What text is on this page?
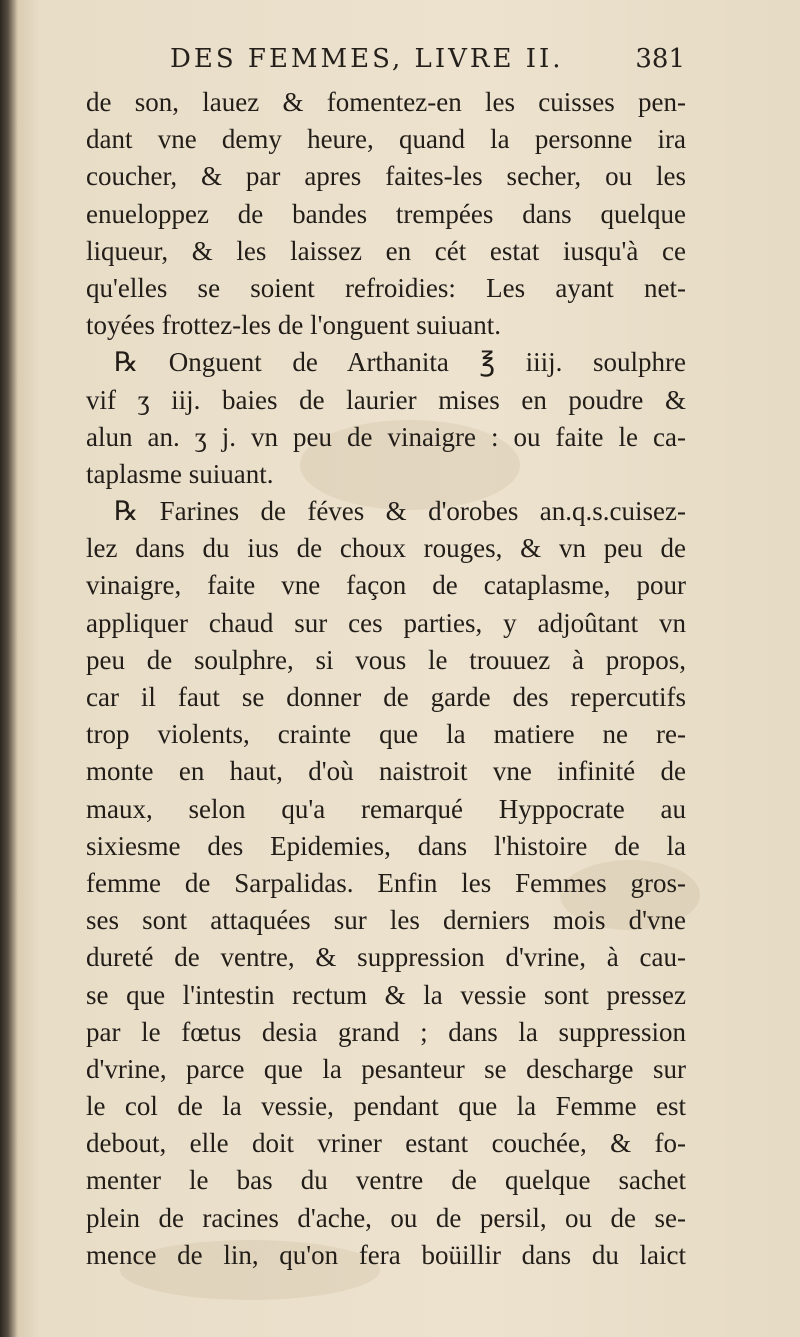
DES FEMMES, LIVRE II.	381
de son, lauez & fomentez-en les cuisses pen-
dant vne demy heure, quand la personne ira
coucher, & par apres faites-les secher, ou les
enueloppez de bandes trempées dans quelque
liqueur, & les laissez en cét estat iusqu'à ce
qu'elles se soient refroidies: Les ayant net-
toyées frottez-les de l'onguent suiuant.
℞ Onguent de Arthanita ℥ iiij. soulphre
vif ʒ iij. baies de laurier mises en poudre &
alun an. ʒ j. vn peu de vinaigre : ou faite le ca-
taplasme suiuant.
℞ Farines de féves & d'orobes an.q.s.cuisez-
lez dans du ius de choux rouges, & vn peu de
vinaigre, faite vne façon de cataplasme, pour
appliquer chaud sur ces parties, y adjoûtant vn
peu de soulphre, si vous le trouuez à propos,
car il faut se donner de garde des repercutifs
trop violents, crainte que la matiere ne re-
monte en haut, d'où naistroit vne infinité de
maux, selon qu'a remarqué Hyppocrate au
sixiesme des Epidemies, dans l'histoire de la
femme de Sarpalidas. Enfin les Femmes gros-
ses sont attaquées sur les derniers mois d'vne
dureté de ventre, & suppression d'vrine, à cau-
se que l'intestin rectum & la vessie sont pressez
par le fœtus desia grand ; dans la suppression
d'vrine, parce que la pesanteur se descharge sur
le col de la vessie, pendant que la Femme est
debout, elle doit vriner estant couchée, & fo-
menter le bas du ventre de quelque sachet
plein de racines d'ache, ou de persil, ou de se-
mence de lin, qu'on fera boüillir dans du laict
